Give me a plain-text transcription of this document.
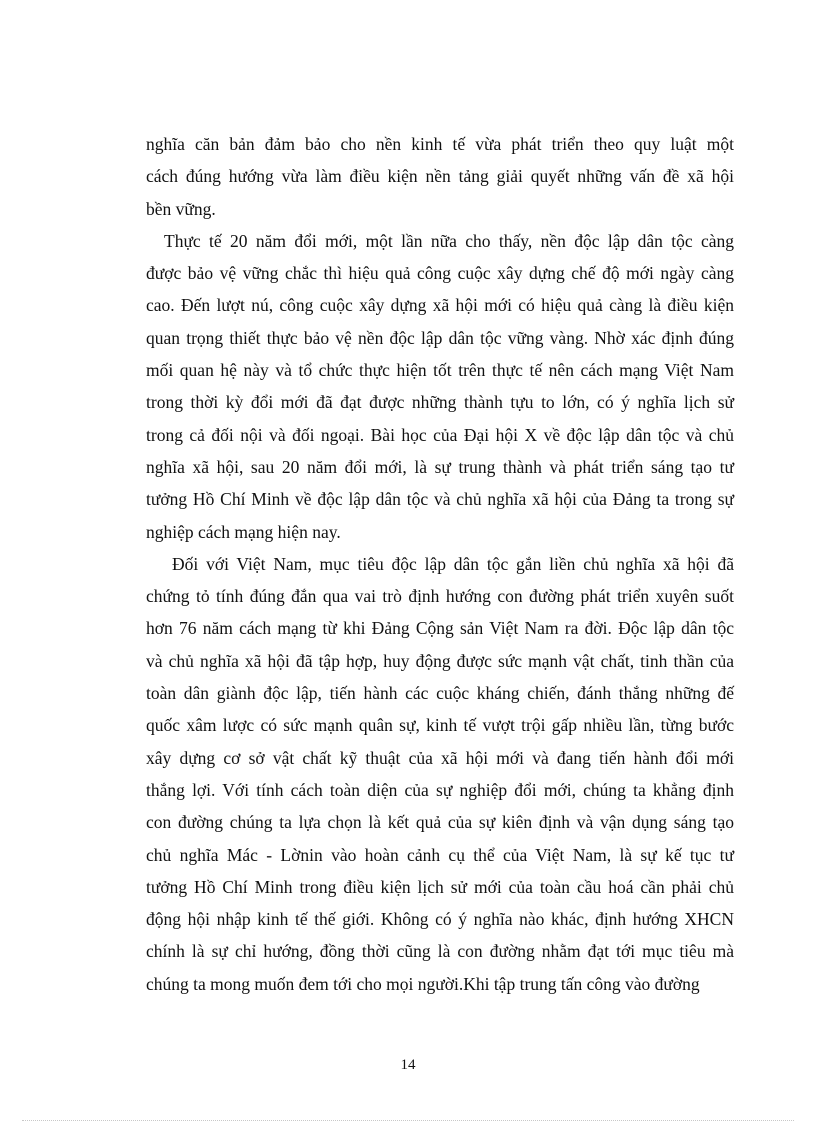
nghĩa căn bản đảm bảo cho nền kinh tế vừa phát triển theo quy luật một
cách đúng hướng vừa làm điều kiện nền tảng giải quyết những vấn đề xã hội
bền vững.
Thực tế 20 năm đổi mới, một lần nữa cho thấy, nền độc lập dân tộc càng
được bảo vệ vững chắc thì hiệu quả công cuộc xây dựng chế độ mới ngày càng
cao. Đến lượt nú, công cuộc xây dựng xã hội mới có hiệu quả càng là điều kiện
quan trọng thiết thực bảo vệ nền độc lập dân tộc vững vàng. Nhờ xác định đúng
mối quan hệ này và tổ chức thực hiện tốt trên thực tế nên cách mạng Việt Nam
trong thời kỳ đổi mới đã đạt được những thành tựu to lớn, có ý nghĩa lịch sử
trong cả đối nội và đối ngoại. Bài học của Đại hội X về độc lập dân tộc và chủ
nghĩa xã hội, sau 20 năm đổi mới, là sự trung thành và phát triển sáng tạo tư
tưởng Hồ Chí Minh về độc lập dân tộc và chủ nghĩa xã hội của Đảng ta trong sự
nghiệp cách mạng hiện nay.
Đối với Việt Nam, mục tiêu độc lập dân tộc gắn liền chủ nghĩa xã hội đã
chứng tỏ tính đúng đắn qua vai trò định hướng con đường phát triển xuyên suốt
hơn 76 năm cách mạng từ khi Đảng Cộng sản Việt Nam ra đời. Độc lập dân tộc
và chủ nghĩa xã hội đã tập hợp, huy động được sức mạnh vật chất, tinh thần của
toàn dân giành độc lập, tiến hành các cuộc kháng chiến, đánh thắng những đế
quốc xâm lược có sức mạnh quân sự, kinh tế vượt trội gấp nhiều lần, từng bước
xây dựng cơ sở vật chất kỹ thuật của xã hội mới và đang tiến hành đổi mới
thắng lợi. Với tính cách toàn diện của sự nghiệp đổi mới, chúng ta khẳng định
con đường chúng ta lựa chọn là kết quả của sự kiên định và vận dụng sáng tạo
chủ nghĩa Mác - Lờnin vào hoàn cảnh cụ thể của Việt Nam, là sự kế tục tư
tưởng Hồ Chí Minh trong điều kiện lịch sử mới của toàn cầu hoá cần phải chủ
động hội nhập kinh tế thế giới. Không có ý nghĩa nào khác, định hướng XHCN
chính là sự chỉ hướng, đồng thời cũng là con đường nhằm đạt tới mục tiêu mà
chúng ta mong muốn đem tới cho mọi người.Khi tập trung tấn công vào đường
14
